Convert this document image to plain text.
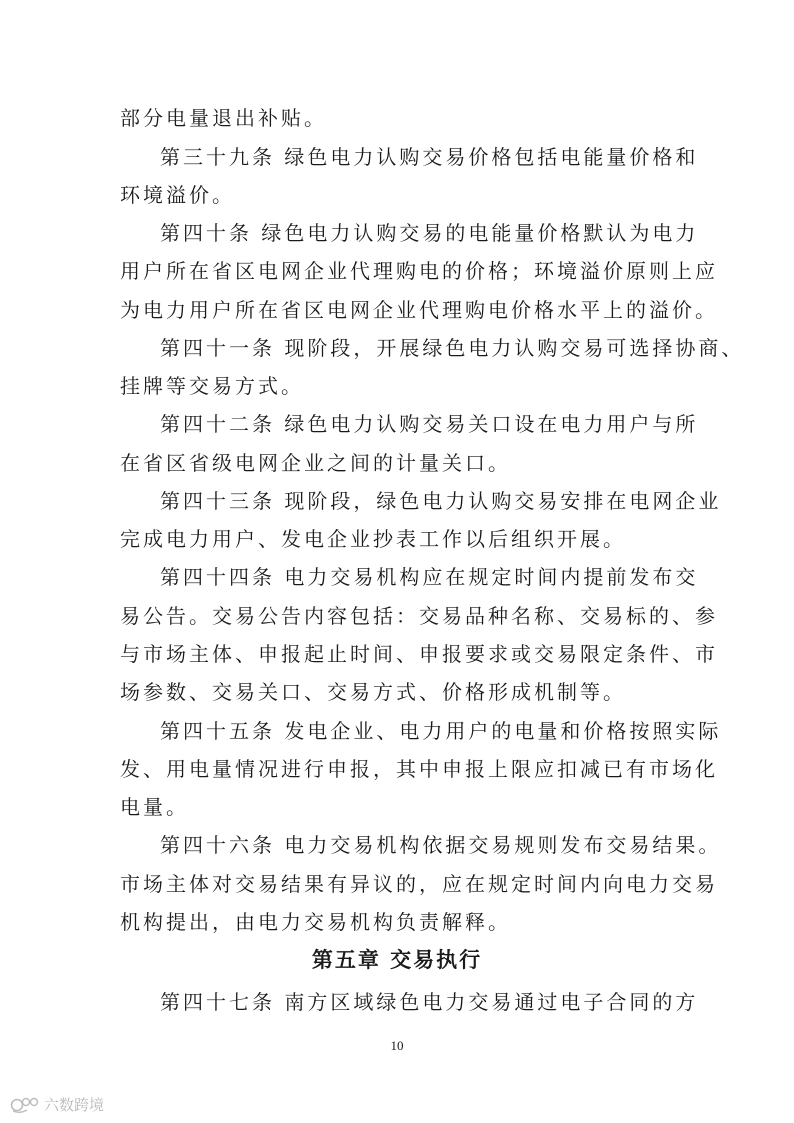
部分电量退出补贴。
第三十九条 绿色电力认购交易价格包括电能量价格和
环境溢价。
第四十条 绿色电力认购交易的电能量价格默认为电力
用户所在省区电网企业代理购电的价格；环境溢价原则上应
为电力用户所在省区电网企业代理购电价格水平上的溢价。
第四十一条 现阶段，开展绿色电力认购交易可选择协商、
挂牌等交易方式。
第四十二条 绿色电力认购交易关口设在电力用户与所
在省区省级电网企业之间的计量关口。
第四十三条 现阶段，绿色电力认购交易安排在电网企业
完成电力用户、发电企业抄表工作以后组织开展。
第四十四条 电力交易机构应在规定时间内提前发布交
易公告。交易公告内容包括：交易品种名称、交易标的、参
与市场主体、申报起止时间、申报要求或交易限定条件、市
场参数、交易关口、交易方式、价格形成机制等。
第四十五条 发电企业、电力用户的电量和价格按照实际
发、用电量情况进行申报，其中申报上限应扣减已有市场化
电量。
第四十六条 电力交易机构依据交易规则发布交易结果。
市场主体对交易结果有异议的，应在规定时间内向电力交易
机构提出，由电力交易机构负责解释。
第五章 交易执行
第四十七条 南方区域绿色电力交易通过电子合同的方
10
六数跨境
